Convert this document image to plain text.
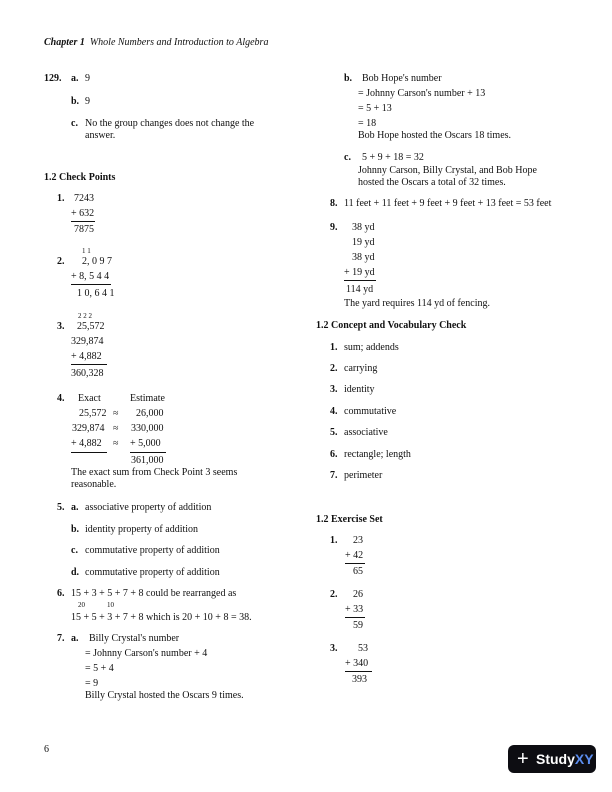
Chapter 1 Whole Numbers and Introduction to Algebra
129. a. 9
b. 9
c. No the group changes does not change the
answer.
1.2 Check Points
1. 7243
+ 632
7875
1 1
2. 2, 0 9 7
+ 8, 5 4 4
1 0, 6 4 1
2 2 2
3. 25,572
329,874
+ 4,882
360,328
4. Exact	Estimate
25,572 ≈ 26,000
329,874 ≈ 330,000
+ 4,882 ≈ + 5,000
361,000
The exact sum from Check Point 3 seems
reasonable.
5. a. associative property of addition
b. identity property of addition
c. commutative property of addition
d. commutative property of addition
6. 15 + 3 + 5 + 7 + 8 could be rearranged as
20	10
15 + 5 + 3 + 7 + 8 which is 20 + 10 + 8 = 38.
7. a. Billy Crystal's number
= Johnny Carson's number + 4
= 5 + 4
= 9
Billy Crystal hosted the Oscars 9 times.
b. Bob Hope's number
= Johnny Carson's number + 13
= 5 + 13
= 18
Bob Hope hosted the Oscars 18 times.
c. 5 + 9 + 18 = 32
Johnny Carson, Billy Crystal, and Bob Hope
hosted the Oscars a total of 32 times.
8. 11 feet + 11 feet + 9 feet + 9 feet + 13 feet = 53 feet
9. 38 yd
19 yd
38 yd
+ 19 yd
114 yd
The yard requires 114 yd of fencing.
1.2 Concept and Vocabulary Check
1. sum; addends
2. carrying
3. identity
4. commutative
5. associative
6. rectangle; length
7. perimeter
1.2 Exercise Set
1. 23
+ 42
65
2. 26
+ 33
59
3. 53
+ 340
393
6	+ StudyXY
